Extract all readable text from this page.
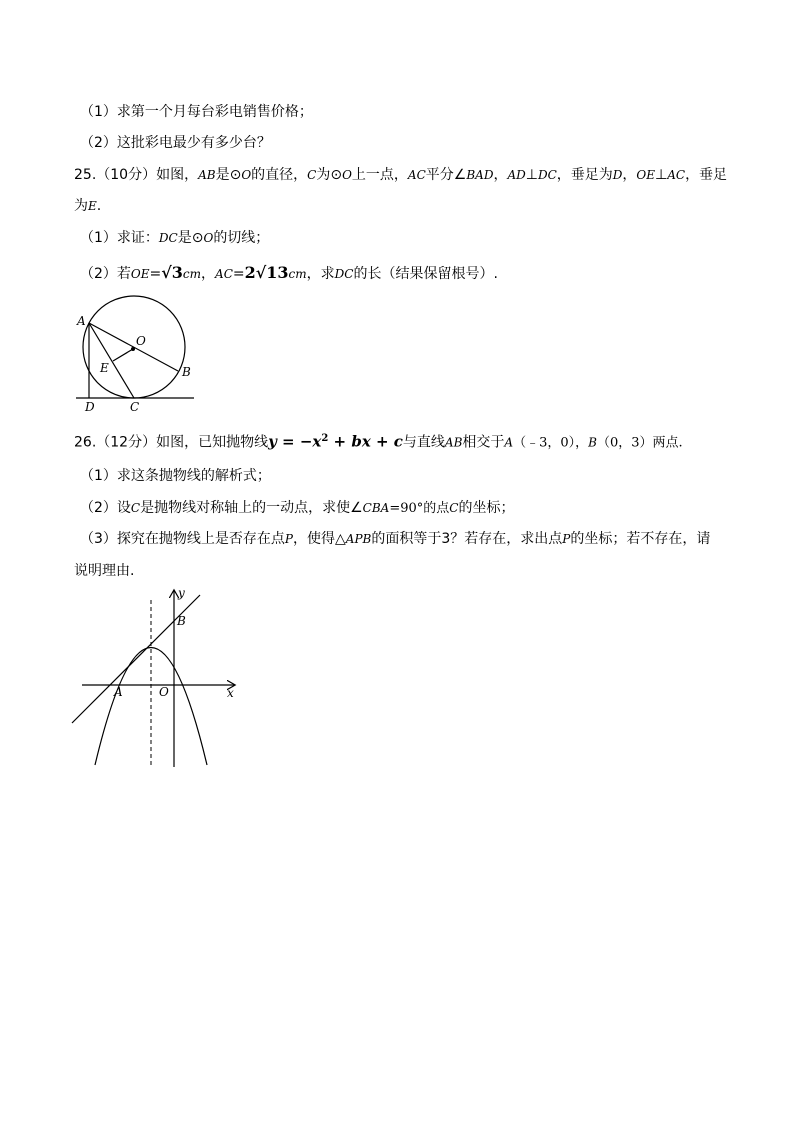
（1）求第一个月每台彩电销售价格；
（2）这批彩电最少有多少台？
25.（10分）如图，AB是⊙O的直径，C为⊙O上一点，AC平分∠BAD，AD⊥DC，垂足为D，OE⊥AC，垂足
为E.
（1）求证：DC是⊙O的切线；
（2）若OE=√3cm，AC=2√13cm，求DC的长（结果保留根号）.
A
O
E	B
D	C
26.（12分）如图，已知抛物线$y = -x^2$ + bx + c与直线AB相交于A（﹣3，0），B（0，3）两点.
（1）求这条抛物线的解析式；
（2）设C是抛物线对称轴上的一动点，求使∠CBA=90°的点C的坐标；
（3）探究在抛物线上是否存在点P，使得△APB的面积等于3？若存在，求出点P的坐标；若不存在，请
说明理由.
y
B
A	O	x
